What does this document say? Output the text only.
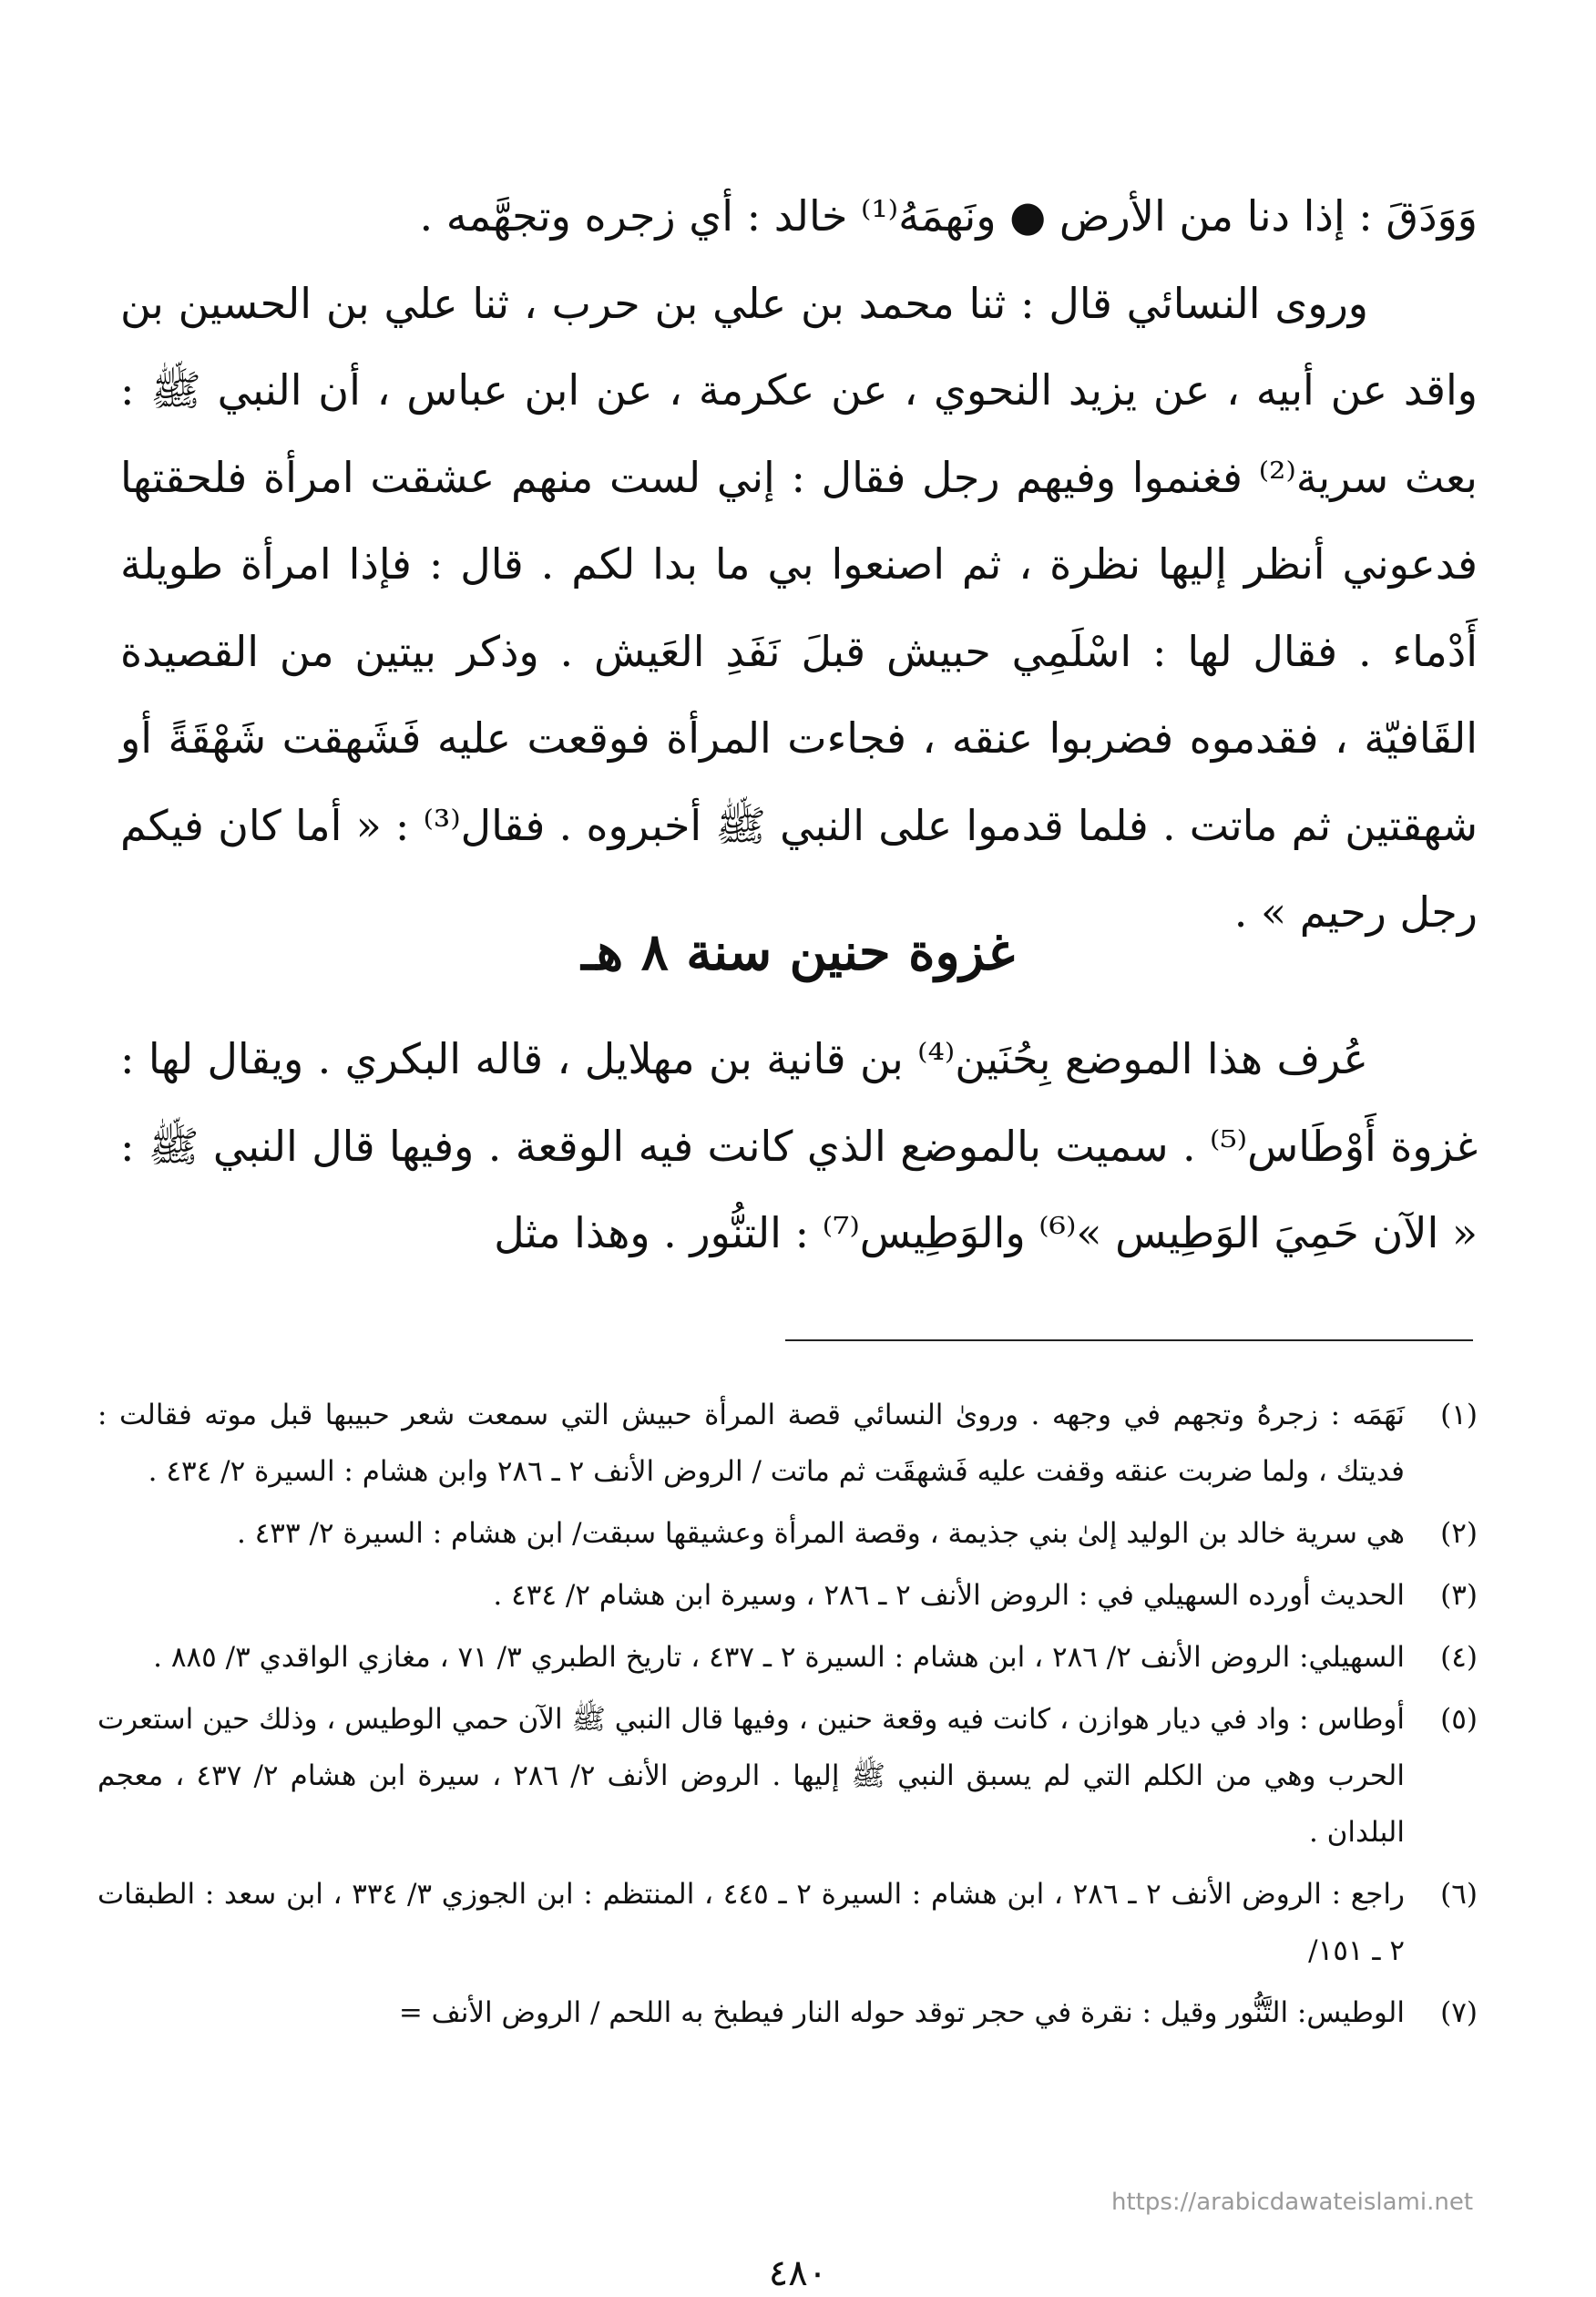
وَوَدَقَ : إذا دنا من الأرض ● ونَهمَهُ⁽¹⁾ خالد : أي زجره وتجهَّمه .

وروى النسائي قال : ثنا محمد بن علي بن حرب ، ثنا علي بن الحسين بن واقد عن أبيه ، عن يزيد النحوي ، عن عكرمة ، عن ابن عباس ، أن النبي ﷺ : بعث سرية⁽²⁾ فغنموا وفيهم رجل فقال : إني لست منهم عشقت امرأة فلحقتها فدعوني أنظر إليها نظرة ، ثم اصنعوا بي ما بدا لكم . قال : فإذا امرأة طويلة أَدْماء . فقال لها : اسْلَمِي حبيش قبلَ نَفَدِ العَيش . وذكر بيتين من القصيدة القَافيّة ، فقدموه فضربوا عنقه ، فجاءت المرأة فوقعت عليه فَشَهقت شَهْقَةً أو شهقتين ثم ماتت . فلما قدموا على النبي ﷺ أخبروه . فقال⁽³⁾ : « أما كان فيكم رجل رحيم » .

غزوة حنين سنة ٨ هـ

عُرف هذا الموضع بِحُنَين⁽⁴⁾ بن قانية بن مهلايل ، قاله البكري . ويقال لها : غزوة أَوْطَاس⁽⁵⁾ . سميت بالموضع الذي كانت فيه الوقعة . وفيها قال النبي ﷺ : « الآن حَمِيَ الوَطِيس »⁽⁶⁾ والوَطِيس⁽⁷⁾ : التنُّور . وهذا مثل

(١)
نَهَمَه : زجرهُ وتجهم في وجهه . وروىٰ النسائي قصة المرأة حبيش التي سمعت شعر حبيبها قبل موته فقالت : فديتك ، ولما ضربت عنقه وقفت عليه فَشهقَت ثم ماتت / الروض الأنف ٢ ـ ٢٨٦ وابن هشام : السيرة ٢/ ٤٣٤ .
(٢)
هي سرية خالد بن الوليد إلىٰ بني جذيمة ، وقصة المرأة وعشيقها سبقت/ ابن هشام : السيرة ٢/ ٤٣٣ .
(٣)
الحديث أورده السهيلي في : الروض الأنف ٢ ـ ٢٨٦ ، وسيرة ابن هشام ٢/ ٤٣٤ .
(٤)
السهيلي: الروض الأنف ٢/ ٢٨٦ ، ابن هشام : السيرة ٢ ـ ٤٣٧ ، تاريخ الطبري ٣/ ٧١ ، مغازي الواقدي ٣/ ٨٨٥ .
(٥)
أوطاس : واد في ديار هوازن ، كانت فيه وقعة حنين ، وفيها قال النبي ﷺ الآن حمي الوطيس ، وذلك حين استعرت الحرب وهي من الكلم التي لم يسبق النبي ﷺ إليها . الروض الأنف ٢/ ٢٨٦ ، سيرة ابن هشام ٢/ ٤٣٧ ، معجم البلدان .
(٦)
راجع : الروض الأنف ٢ ـ ٢٨٦ ، ابن هشام : السيرة ٢ ـ ٤٤٥ ، المنتظم : ابن الجوزي ٣/ ٣٣٤ ، ابن سعد : الطبقات ٢ ـ ١٥١/
(٧)
الوطيس: التَّنُّور وقيل : نقرة في حجر توقد حوله النار فيطبخ به اللحم / الروض الأنف =
https://arabicdawateislami.net
٤٨٠
